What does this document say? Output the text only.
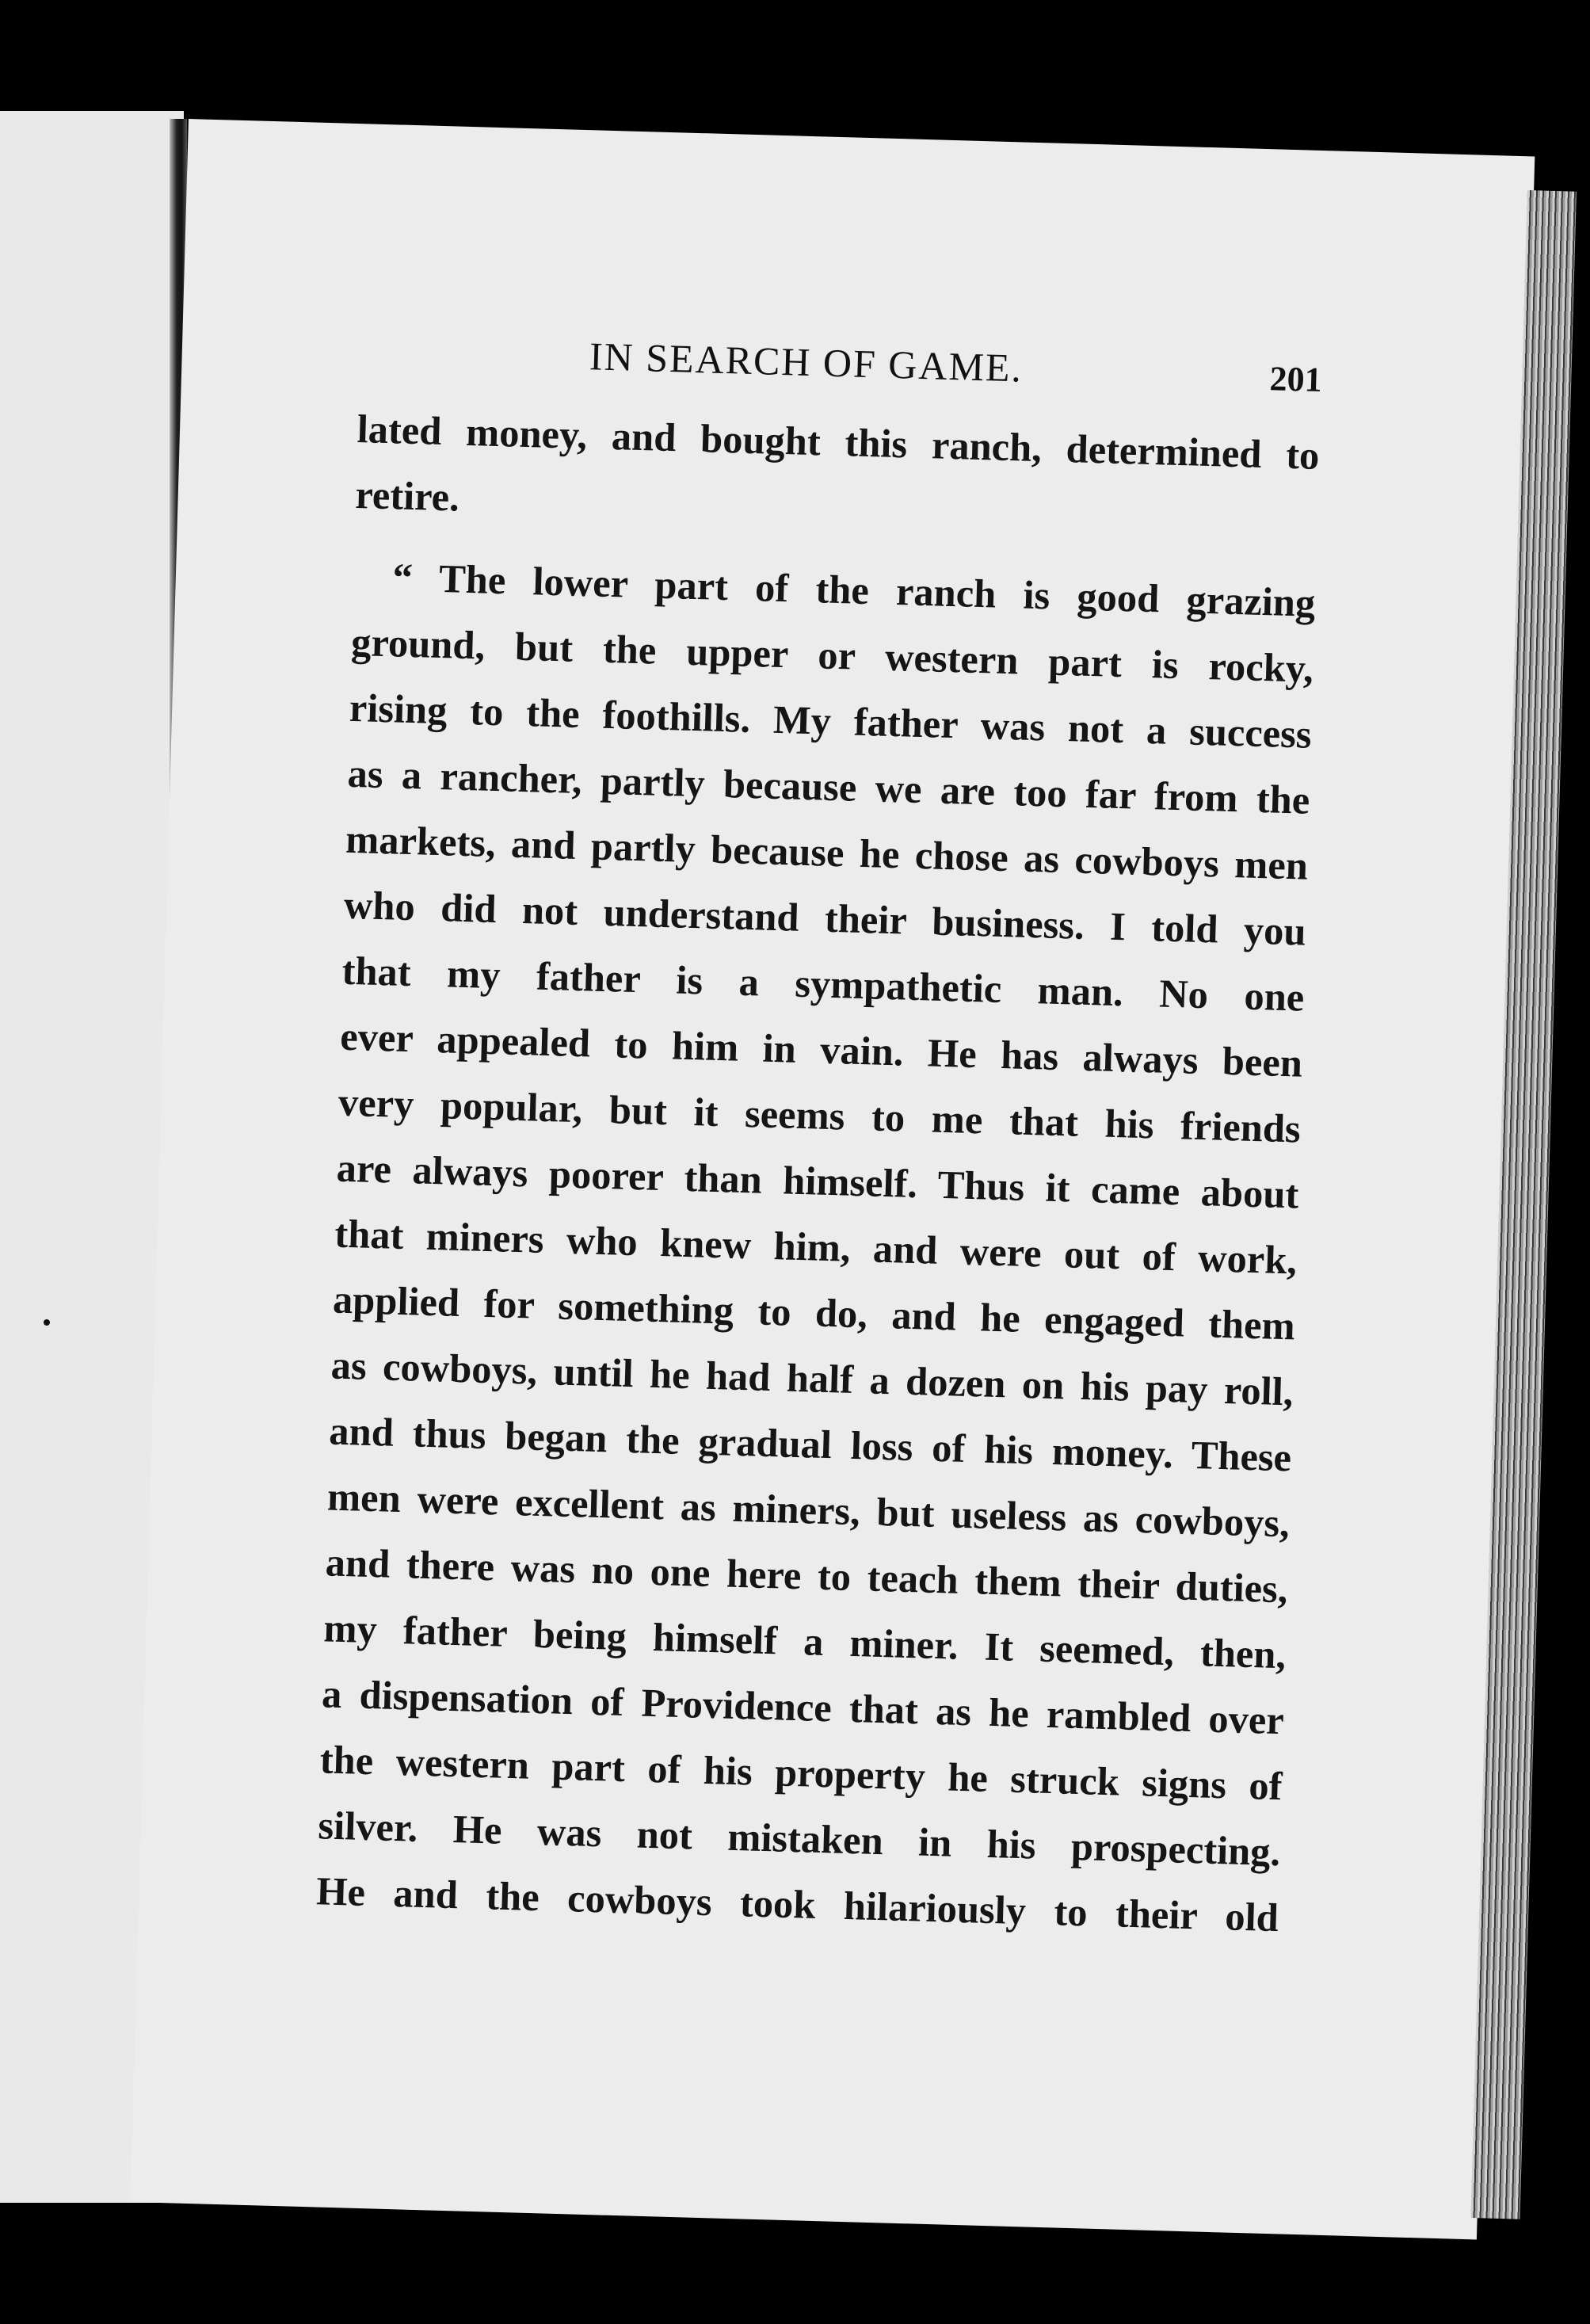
IN SEARCH OF GAME.	201
lated money, and bought this ranch, determined to
retire.
“ The lower part of the ranch is good grazing
ground, but the upper or western part is rocky,
rising to the foothills. My father was not a success
as a rancher, partly because we are too far from the
markets, and partly because he chose as cowboys men
who did not understand their business. I told you
that my father is a sympathetic man. No one
ever appealed to him in vain. He has always been
very popular, but it seems to me that his friends
are always poorer than himself. Thus it came about
that miners who knew him, and were out of work,
applied for something to do, and he engaged them
as cowboys, until he had half a dozen on his pay roll,
and thus began the gradual loss of his money. These
men were excellent as miners, but useless as cowboys,
and there was no one here to teach them their duties,
my father being himself a miner. It seemed, then,
a dispensation of Providence that as he rambled over
the western part of his property he struck signs of
silver. He was not mistaken in his prospecting.
He and the cowboys took hilariously to their old
